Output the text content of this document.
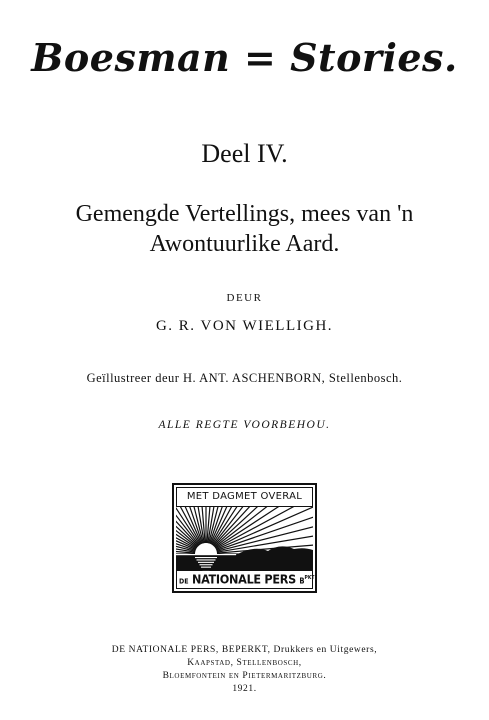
Boesman = Stories.
Deel IV.
Gemengde Vertellings, mees van 'n
Awontuurlike Aard.
DEUR
G. R. VON WIELLIGH.
Geïllustreer deur H. ANT. ASCHENBORN, Stellenbosch.
ALLE REGTE VOORBEHOU.
MET DAGMET OVERAL
DE NATIONALE PERS $B^{PKT}$
DE NATIONALE PERS, BEPERKT, Drukkers en Uitgewers,
Kaapstad, Stellenbosch,
Bloemfontein en Pietermaritzburg.
1921.
